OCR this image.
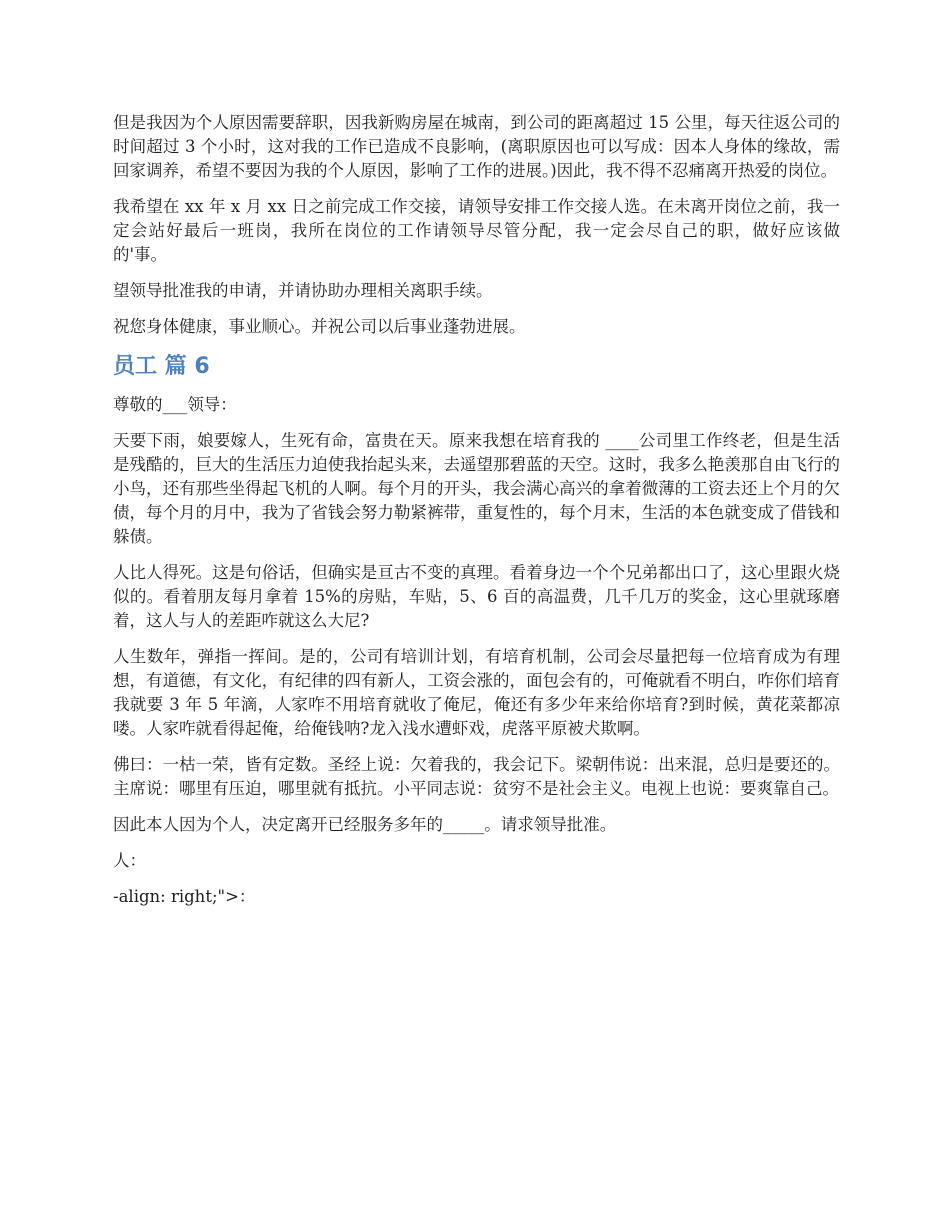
但是我因为个人原因需要辞职，因我新购房屋在城南，到公司的距离超过 15 公里，每天往返公司的时间超过 3 个小时，这对我的工作已造成不良影响，(离职原因也可以写成：因本人身体的缘故，需回家调养，希望不要因为我的个人原因，影响了工作的进展。)因此，我不得不忍痛离开热爱的岗位。

我希望在 xx 年 x 月 xx 日之前完成工作交接，请领导安排工作交接人选。在未离开岗位之前，我一定会站好最后一班岗，我所在岗位的工作请领导尽管分配，我一定会尽自己的职，做好应该做的'事。

望领导批准我的申请，并请协助办理相关离职手续。

祝您身体健康，事业顺心。并祝公司以后事业蓬勃进展。

员工 篇 6

尊敬的___领导：

天要下雨，娘要嫁人，生死有命，富贵在天。原来我想在培育我的 ____公司里工作终老，但是生活是残酷的，巨大的生活压力迫使我抬起头来，去遥望那碧蓝的天空。这时，我多么艳羡那自由飞行的小鸟，还有那些坐得起飞机的人啊。每个月的开头，我会满心高兴的拿着微薄的工资去还上个月的欠债，每个月的月中，我为了省钱会努力勒紧裤带，重复性的，每个月末，生活的本色就变成了借钱和躲债。

人比人得死。这是句俗话，但确实是亘古不变的真理。看着身边一个个兄弟都出口了，这心里跟火烧似的。看着朋友每月拿着 15%的房贴，车贴，5、6 百的高温费，几千几万的奖金，这心里就琢磨着，这人与人的差距咋就这么大尼?

人生数年，弹指一挥间。是的，公司有培训计划，有培育机制，公司会尽量把每一位培育成为有理想，有道德，有文化，有纪律的四有新人，工资会涨的，面包会有的，可俺就看不明白，咋你们培育我就要 3 年 5 年滴，人家咋不用培育就收了俺尼，俺还有多少年来给你培育?到时候，黄花菜都凉喽。人家咋就看得起俺，给俺钱呐?龙入浅水遭虾戏，虎落平原被犬欺啊。

佛曰：一枯一荣，皆有定数。圣经上说：欠着我的，我会记下。梁朝伟说：出来混，总归是要还的。主席说：哪里有压迫，哪里就有抵抗。小平同志说：贫穷不是社会主义。电视上也说：要爽靠自己。

因此本人因为个人，决定离开已经服务多年的_____。请求领导批准。

人：

-align: right;">：
